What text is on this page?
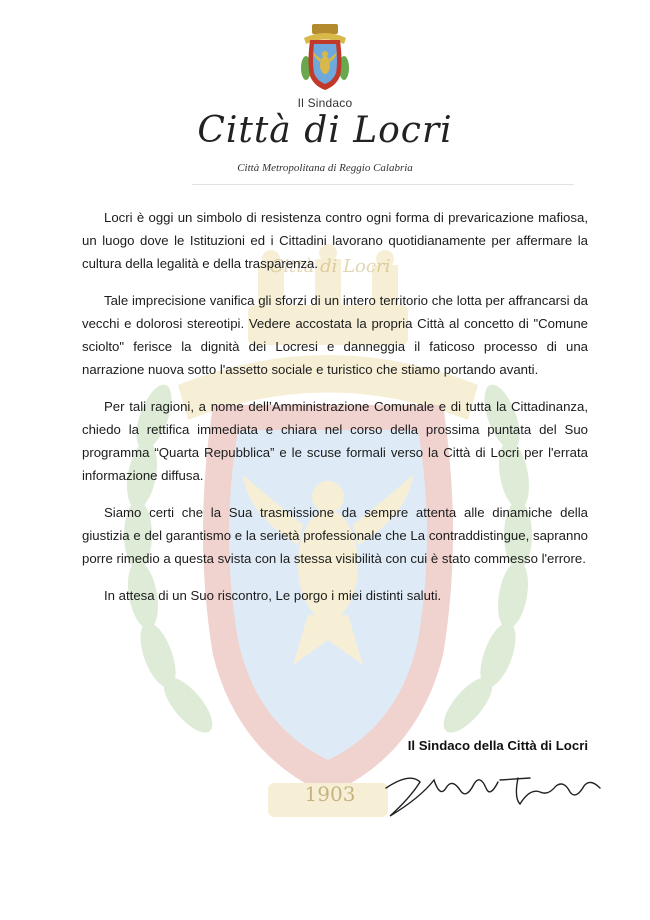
Città di Locri
1903
Il Sindaco
Città di Locri
Città Metropolitana di Reggio Calabria

Locri è oggi un simbolo di resistenza contro ogni forma di prevaricazione mafiosa, un luogo dove le Istituzioni ed i Cittadini lavorano quotidianamente per affermare la cultura della legalità e della trasparenza.

Tale imprecisione vanifica gli sforzi di un intero territorio che lotta per affrancarsi da vecchi e dolorosi stereotipi. Vedere accostata la propria Città al concetto di "Comune sciolto" ferisce la dignità dei Locresi e danneggia il faticoso processo di una narrazione nuova sotto l'assetto sociale e turistico che stiamo portando avanti.

Per tali ragioni, a nome dell’Amministrazione Comunale e di tutta la Cittadinanza, chiedo la rettifica immediata e chiara nel corso della prossima puntata del Suo programma “Quarta Repubblica” e le scuse formali verso la Città di Locri per l'errata informazione diffusa.

Siamo certi che la Sua trasmissione da sempre attenta alle dinamiche della giustizia e del garantismo e la serietà professionale che La contraddistingue, sapranno porre rimedio a questa svista con la stessa visibilità con cui è stato commesso l'errore.

In attesa di un Suo riscontro, Le porgo i miei distinti saluti.

Il Sindaco della Città di Locri
